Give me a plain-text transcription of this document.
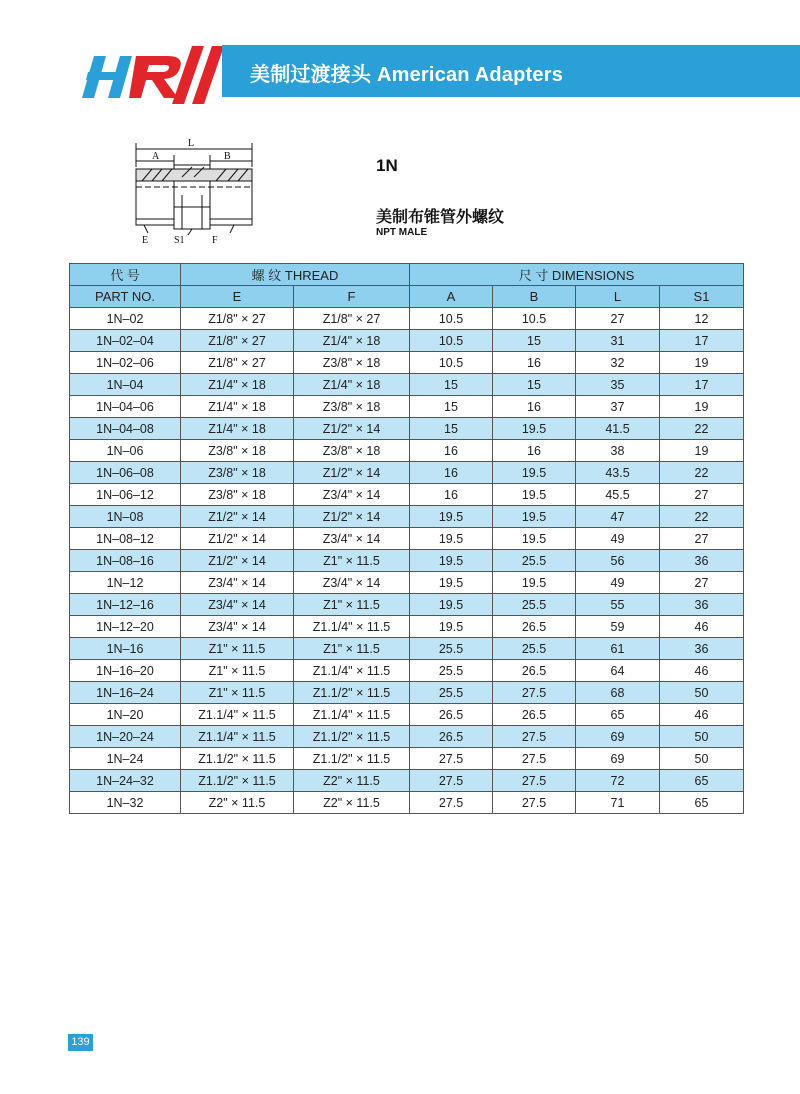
美制过渡接头 American Adapters
L
A	B
E	S1	F
1N
美制布锥管外螺纹
NPT MALE
代 号	螺 纹 THREAD		尺 寸 DIMENSIONS			
PART NO.	E	F	A	B	L	S1
1N–02	Z1/8" × 27	Z1/8" × 27	10.5	10.5	27	12
1N–02–04	Z1/8" × 27	Z1/4" × 18	10.5	15	31	17
1N–02–06	Z1/8" × 27	Z3/8" × 18	10.5	16	32	19
1N–04	Z1/4" × 18	Z1/4" × 18	15	15	35	17
1N–04–06	Z1/4" × 18	Z3/8" × 18	15	16	37	19
1N–04–08	Z1/4" × 18	Z1/2" × 14	15	19.5	41.5	22
1N–06	Z3/8" × 18	Z3/8" × 18	16	16	38	19
1N–06–08	Z3/8" × 18	Z1/2" × 14	16	19.5	43.5	22
1N–06–12	Z3/8" × 18	Z3/4" × 14	16	19.5	45.5	27
1N–08	Z1/2" × 14	Z1/2" × 14	19.5	19.5	47	22
1N–08–12	Z1/2" × 14	Z3/4" × 14	19.5	19.5	49	27
1N–08–16	Z1/2" × 14	Z1" × 11.5	19.5	25.5	56	36
1N–12	Z3/4" × 14	Z3/4" × 14	19.5	19.5	49	27
1N–12–16	Z3/4" × 14	Z1" × 11.5	19.5	25.5	55	36
1N–12–20	Z3/4" × 14	Z1.1/4" × 11.5	19.5	26.5	59	46
1N–16	Z1" × 11.5	Z1" × 11.5	25.5	25.5	61	36
1N–16–20	Z1" × 11.5	Z1.1/4" × 11.5	25.5	26.5	64	46
1N–16–24	Z1" × 11.5	Z1.1/2" × 11.5	25.5	27.5	68	50
1N–20	Z1.1/4" × 11.5	Z1.1/4" × 11.5	26.5	26.5	65	46
1N–20–24	Z1.1/4" × 11.5	Z1.1/2" × 11.5	26.5	27.5	69	50
1N–24	Z1.1/2" × 11.5	Z1.1/2" × 11.5	27.5	27.5	69	50
1N–24–32	Z1.1/2" × 11.5	Z2" × 11.5	27.5	27.5	72	65
1N–32	Z2" × 11.5	Z2" × 11.5	27.5	27.5	71	65
139
